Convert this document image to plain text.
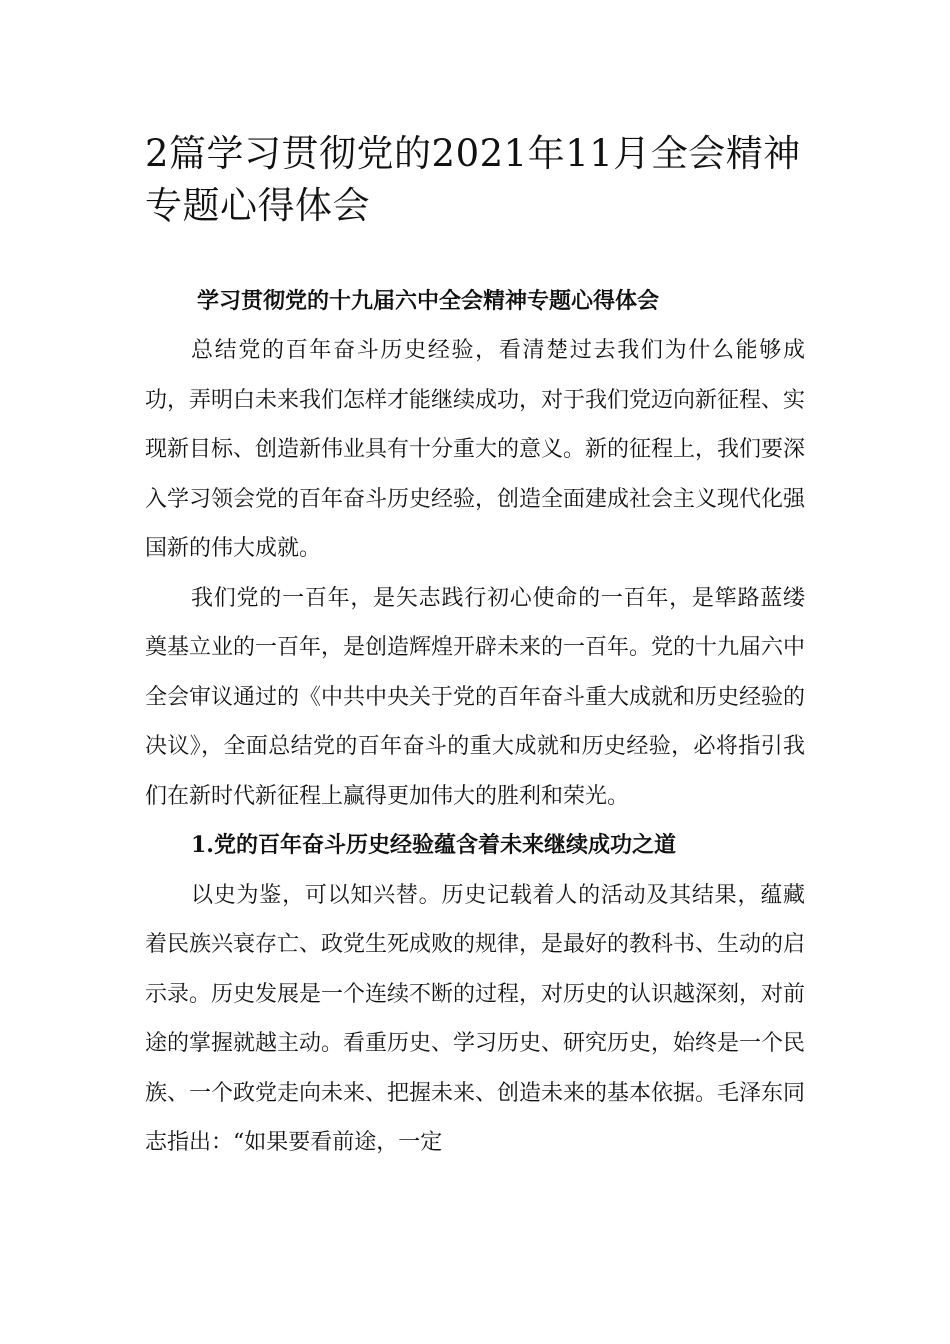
2篇学习贯彻党的2021年11月全会精神专题心得体会
学习贯彻党的十九届六中全会精神专题心得体会

总结党的百年奋斗历史经验，看清楚过去我们为什么能够成功，弄明白未来我们怎样才能继续成功，对于我们党迈向新征程、实现新目标、创造新伟业具有十分重大的意义。新的征程上，我们要深入学习领会党的百年奋斗历史经验，创造全面建成社会主义现代化强国新的伟大成就。

我们党的一百年，是矢志践行初心使命的一百年，是筚路蓝缕奠基立业的一百年，是创造辉煌开辟未来的一百年。党的十九届六中全会审议通过的《中共中央关于党的百年奋斗重大成就和历史经验的决议》，全面总结党的百年奋斗的重大成就和历史经验，必将指引我们在新时代新征程上赢得更加伟大的胜利和荣光。

1.党的百年奋斗历史经验蕴含着未来继续成功之道

以史为鉴，可以知兴替。历史记载着人的活动及其结果，蕴藏着民族兴衰存亡、政党生死成败的规律，是最好的教科书、生动的启示录。历史发展是一个连续不断的过程，对历史的认识越深刻，对前途的掌握就越主动。看重历史、学习历史、研究历史，始终是一个民族、一个政党走向未来、把握未来、创造未来的基本依据。毛泽东同志指出：“如果要看前途，一定
